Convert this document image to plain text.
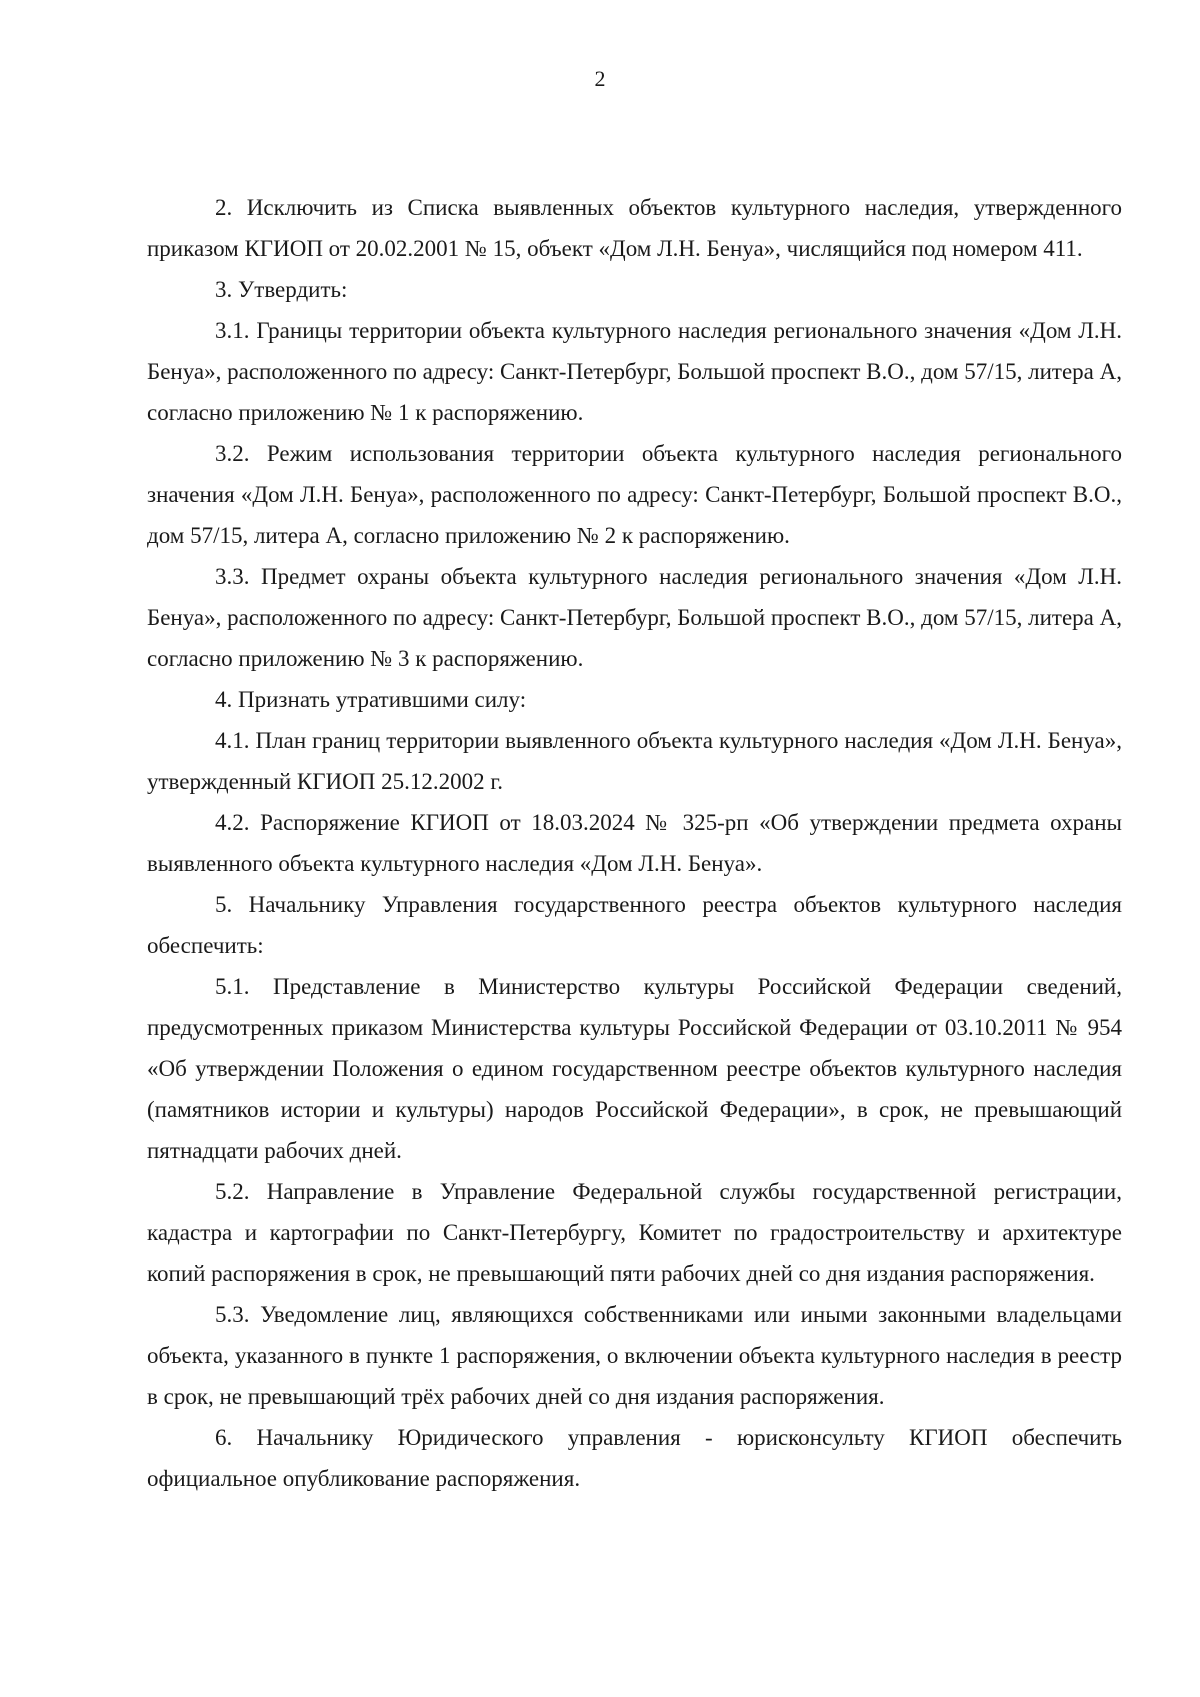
2

2. Исключить из Списка выявленных объектов культурного наследия, утвержденного приказом КГИОП от 20.02.2001 № 15, объект «Дом Л.Н. Бенуа», числящийся под номером 411.

3. Утвердить:

3.1. Границы территории объекта культурного наследия регионального значения «Дом Л.Н. Бенуа», расположенного по адресу: Санкт-Петербург, Большой проспект В.О., дом 57/15, литера А, согласно приложению № 1 к распоряжению.

3.2. Режим использования территории объекта культурного наследия регионального значения «Дом Л.Н. Бенуа», расположенного по адресу: Санкт-Петербург, Большой проспект В.О., дом 57/15, литера А, согласно приложению № 2 к распоряжению.

3.3. Предмет охраны объекта культурного наследия регионального значения «Дом Л.Н. Бенуа», расположенного по адресу: Санкт-Петербург, Большой проспект В.О., дом 57/15, литера А, согласно приложению № 3 к распоряжению.

4. Признать утратившими силу:

4.1. План границ территории выявленного объекта культурного наследия «Дом Л.Н. Бенуа», утвержденный КГИОП 25.12.2002 г.

4.2. Распоряжение КГИОП от 18.03.2024 № 325-рп «Об утверждении предмета охраны выявленного объекта культурного наследия «Дом Л.Н. Бенуа».

5. Начальнику Управления государственного реестра объектов культурного наследия обеспечить:

5.1. Представление в Министерство культуры Российской Федерации сведений, предусмотренных приказом Министерства культуры Российской Федерации от 03.10.2011 № 954 «Об утверждении Положения о едином государственном реестре объектов культурного наследия (памятников истории и культуры) народов Российской Федерации», в срок, не превышающий пятнадцати рабочих дней.

5.2. Направление в Управление Федеральной службы государственной регистрации, кадастра и картографии по Санкт-Петербургу, Комитет по градостроительству и архитектуре копий распоряжения в срок, не превышающий пяти рабочих дней со дня издания распоряжения.

5.3. Уведомление лиц, являющихся собственниками или иными законными владельцами объекта, указанного в пункте 1 распоряжения, о включении объекта культурного наследия в реестр в срок, не превышающий трёх рабочих дней со дня издания распоряжения.

6. Начальнику Юридического управления - юрисконсульту КГИОП обеспечить официальное опубликование распоряжения.
